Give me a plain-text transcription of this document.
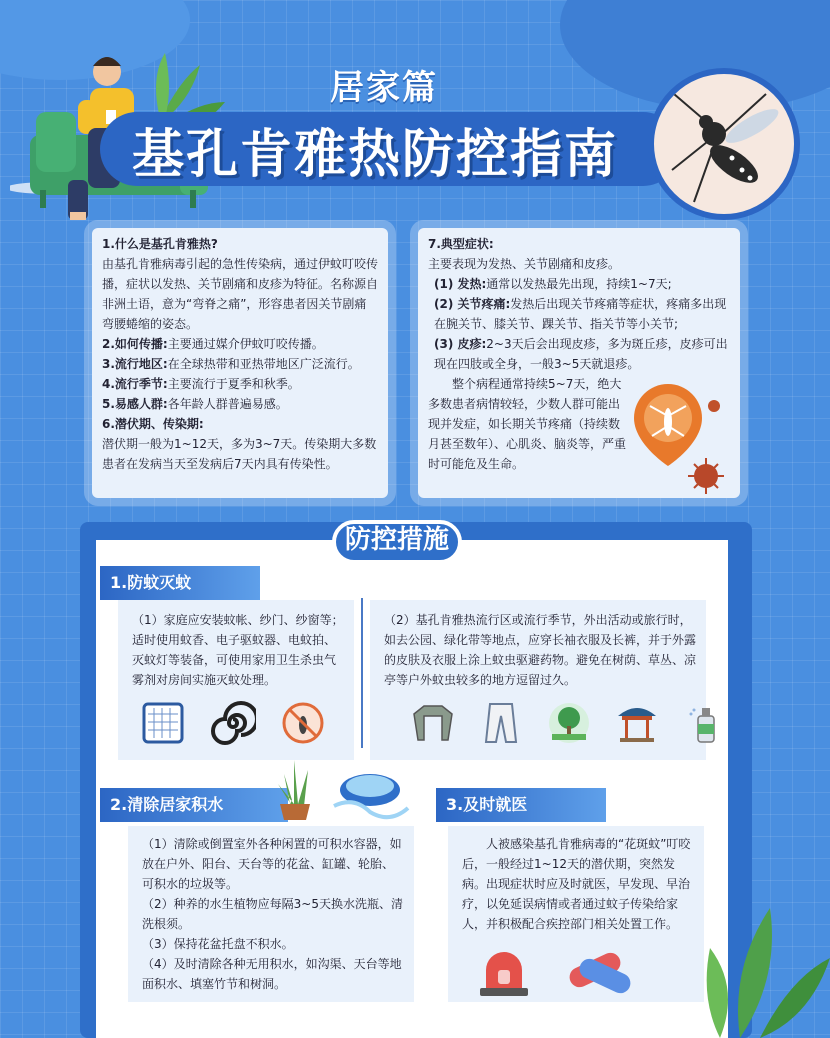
居家篇
基孔肯雅热防控指南

1.什么是基孔肯雅热?

由基孔肯雅病毒引起的急性传染病，通过伊蚊叮咬传播，症状以发热、关节剧痛和皮疹为特征。名称源自非洲土语，意为“弯脊之痛”，形容患者因关节剧痛弯腰蜷缩的姿态。

2.如何传播:主要通过媒介伊蚊叮咬传播。

3.流行地区:在全球热带和亚热带地区广泛流行。

4.流行季节:主要流行于夏季和秋季。

5.易感人群:各年龄人群普遍易感。

6.潜伏期、传染期:

潜伏期一般为1~12天，多为3~7天。传染期大多数患者在发病当天至发病后7天内具有传染性。

7.典型症状:

主要表现为发热、关节剧痛和皮疹。

(1) 发热:通常以发热最先出现，持续1~7天;

(2) 关节疼痛:发热后出现关节疼痛等症状，疼痛多出现在腕关节、膝关节、踝关节、指关节等小关节;

(3) 皮疹:2~3天后会出现皮疹，多为斑丘疹，皮疹可出现在四肢或全身，一般3~5天就退疹。

整个病程通常持续5~7天，绝大多数患者病情较轻，少数人群可能出现并发症，如长期关节疼痛（持续数月甚至数年）、心肌炎、脑炎等，严重时可能危及生命。

防控措施
1.防蚊灭蚊

（1）家庭应安装蚊帐、纱门、纱窗等；适时使用蚊香、电子驱蚊器、电蚊拍、灭蚊灯等装备，可使用家用卫生杀虫气雾剂对房间实施灭蚊处理。

（2）基孔肯雅热流行区或流行季节，外出活动或旅行时，如去公园、绿化带等地点，应穿长袖衣服及长裤，并于外露的皮肤及衣服上涂上蚊虫驱避药物。避免在树荫、草丛、凉亭等户外蚊虫较多的地方逗留过久。

2.清除居家积水

（1）清除或倒置室外各种闲置的可积水容器，如放在户外、阳台、天台等的花盆、缸罐、轮胎、可积水的垃圾等。

（2）种养的水生植物应每隔3~5天换水洗瓶、清洗根须。

（3）保持花盆托盘不积水。

（4）及时清除各种无用积水，如沟渠、天台等地面积水、填塞竹节和树洞。

3.及时就医

人被感染基孔肯雅病毒的“花斑蚊”叮咬后，一般经过1~12天的潜伏期，突然发病。出现症状时应及时就医，早发现、早治疗，以免延误病情或者通过蚊子传染给家人，并积极配合疾控部门相关处置工作。
